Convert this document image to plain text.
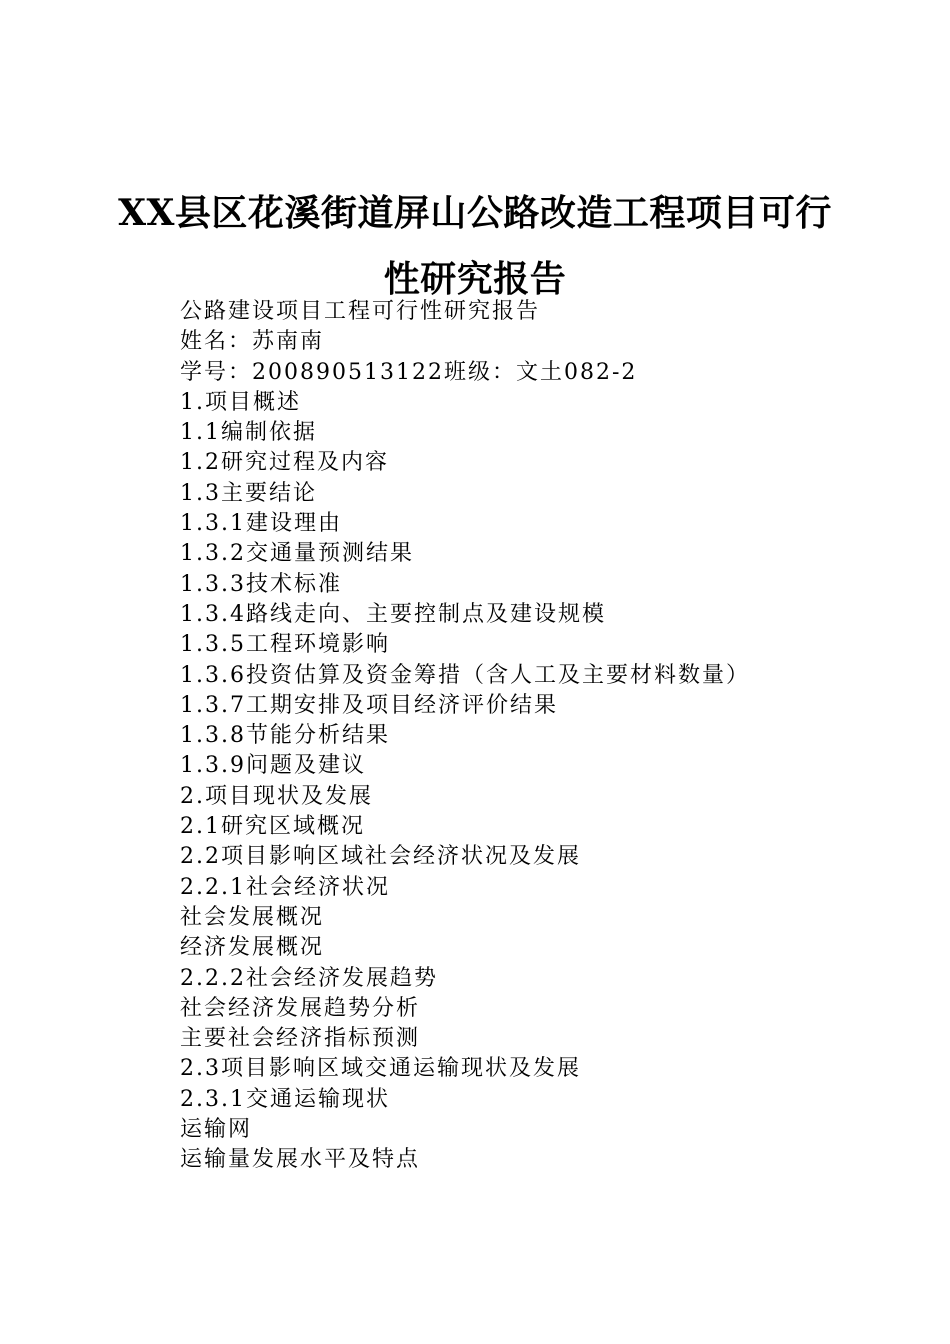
XX县区花溪街道屏山公路改造工程项目可行
性研究报告
公路建设项目工程可行性研究报告
姓名：苏南南
学号：200890513122班级：文土082-2
1.项目概述
1.1编制依据
1.2研究过程及内容
1.3主要结论
1.3.1建设理由
1.3.2交通量预测结果
1.3.3技术标准
1.3.4路线走向、主要控制点及建设规模
1.3.5工程环境影响
1.3.6投资估算及资金筹措（含人工及主要材料数量）
1.3.7工期安排及项目经济评价结果
1.3.8节能分析结果
1.3.9问题及建议
2.项目现状及发展
2.1研究区域概况
2.2项目影响区域社会经济状况及发展
2.2.1社会经济状况
社会发展概况
经济发展概况
2.2.2社会经济发展趋势
社会经济发展趋势分析
主要社会经济指标预测
2.3项目影响区域交通运输现状及发展
2.3.1交通运输现状
运输网
运输量发展水平及特点
